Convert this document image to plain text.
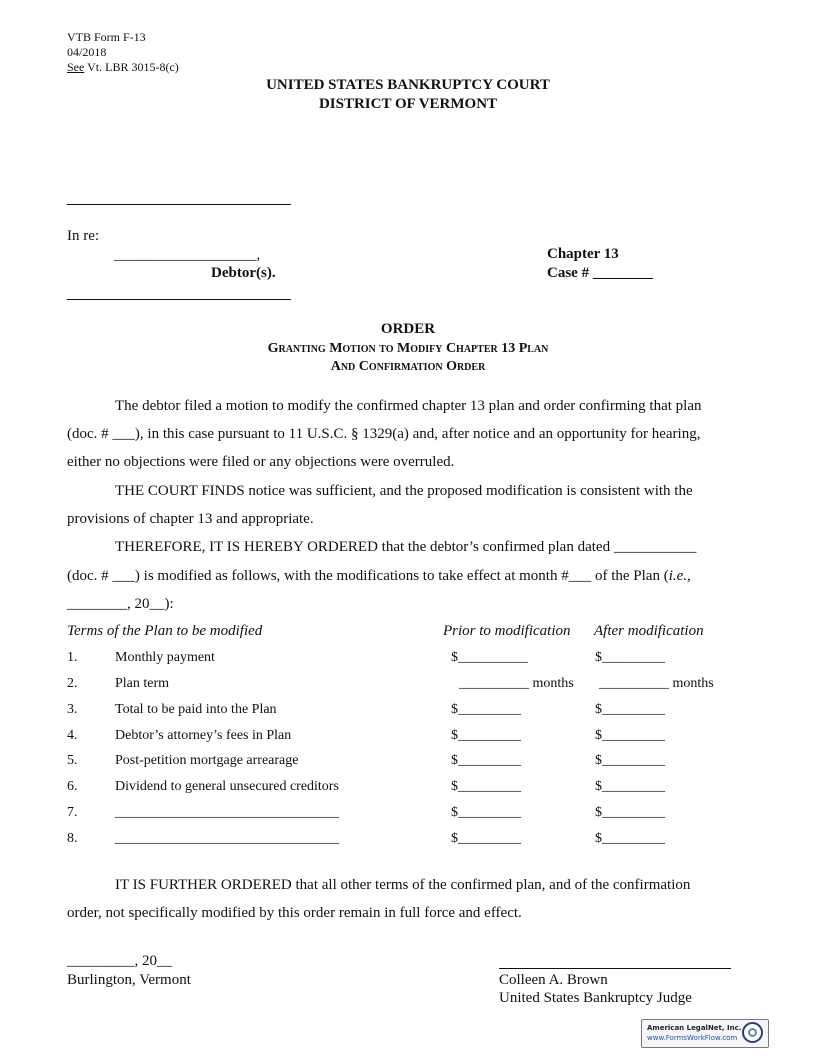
VTB Form F-13
04/2018
See Vt. LBR 3015-8(c)
UNITED STATES BANKRUPTCY COURT
DISTRICT OF VERMONT
In re:
___________________,
Debtor(s).
Chapter 13
Case # ________
ORDER
Granting Motion to Modify Chapter 13 Plan
And Confirmation Order
The debtor filed a motion to modify the confirmed chapter 13 plan and order confirming that plan
(doc. # ___), in this case pursuant to 11 U.S.C. § 1329(a) and, after notice and an opportunity for hearing,
either no objections were filed or any objections were overruled.
THE COURT FINDS notice was sufficient, and the proposed modification is consistent with the
provisions of chapter 13 and appropriate.
THEREFORE, IT IS HEREBY ORDERED that the debtor’s confirmed plan dated ___________
(doc. # ___) is modified as follows, with the modifications to take effect at month #___ of the Plan (i.e.,
________, 20__):
Terms of the Plan to be modified	Prior to modification After modification
1.	Monthly payment	$__________	$_________
2.	Plan term	__________ months __________ months
3.	Total to be paid into the Plan	$_________	$_________
4.	Debtor’s attorney’s fees in Plan	$_________	$_________
5.	Post-petition mortgage arrearage	$_________	$_________
6.	Dividend to general unsecured creditors	$_________	$_________
7.	________________________________	$_________	$_________
8.	________________________________	$_________	$_________
IT IS FURTHER ORDERED that all other terms of the confirmed plan, and of the confirmation
order, not specifically modified by this order remain in full force and effect.
_________, 20__
Burlington, Vermont	Colleen A. Brown
United States Bankruptcy Judge
American LegalNet, Inc.
www.FormsWorkFlow.com
